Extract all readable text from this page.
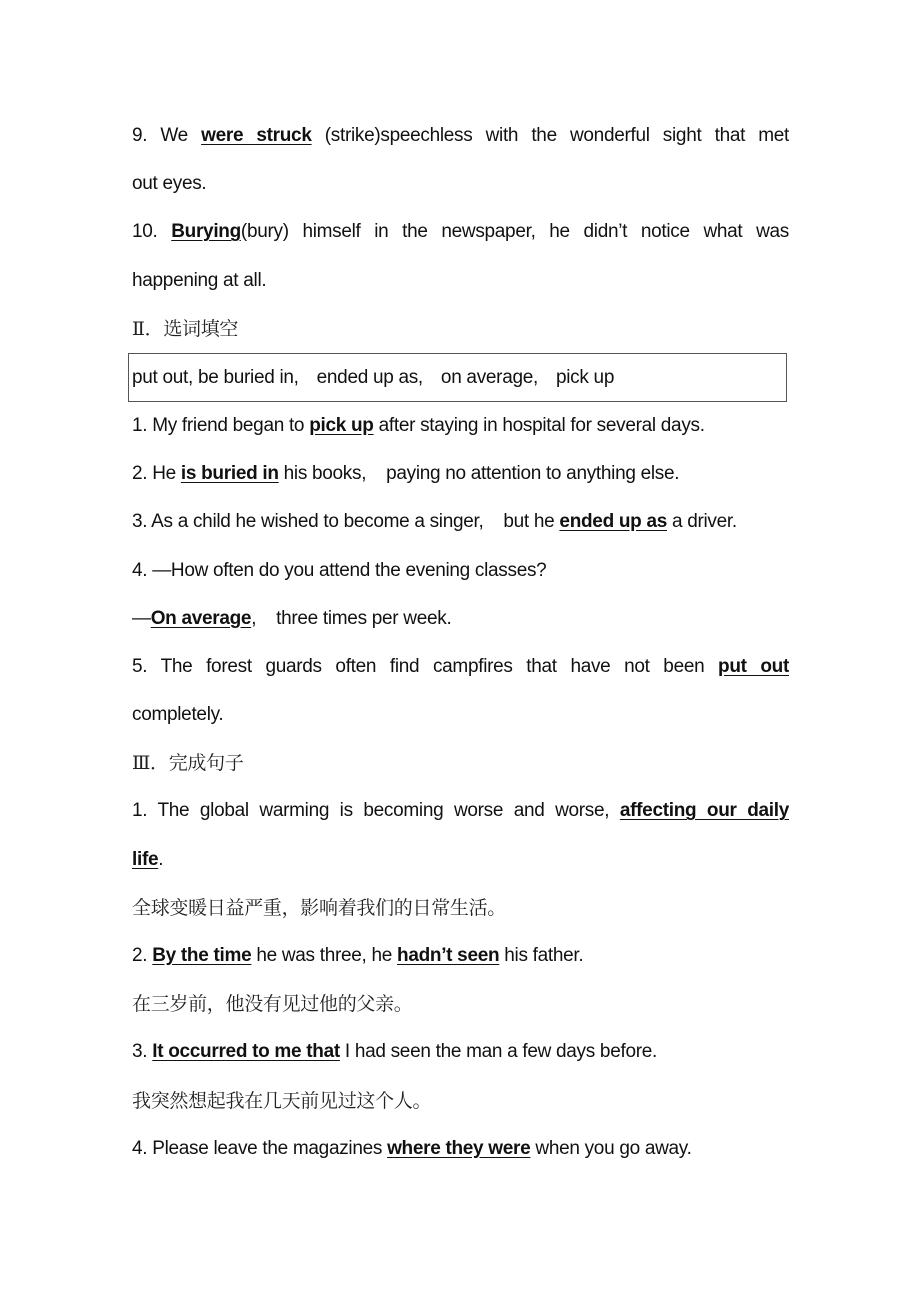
9. We were struck (strike)speechless with the wonderful sight that met
out eyes.
10. Burying(bury) himself in the newspaper, he didn’t notice what was
happening at all.
Ⅱ．选词填空
put out, be buried in, ended up as, on average, pick up
1. My friend began to pick up after staying in hospital for several days.
2. He is buried in his books,    paying no attention to anything else.
3. As a child he wished to become a singer,    but he ended up as a driver.
4. —How often do you attend the evening classes?
—On average,    three times per week.
5. The forest guards often find campfires that have not been put out
completely.
Ⅲ．完成句子
1. The global warming is becoming worse and worse, affecting our daily
life.
全球变暖日益严重，影响着我们的日常生活。
2. By the time he was three, he hadn’t seen his father.
在三岁前，他没有见过他的父亲。
3. It occurred to me that I had seen the man a few days before.
我突然想起我在几天前见过这个人。
4. Please leave the magazines where they were when you go away.
